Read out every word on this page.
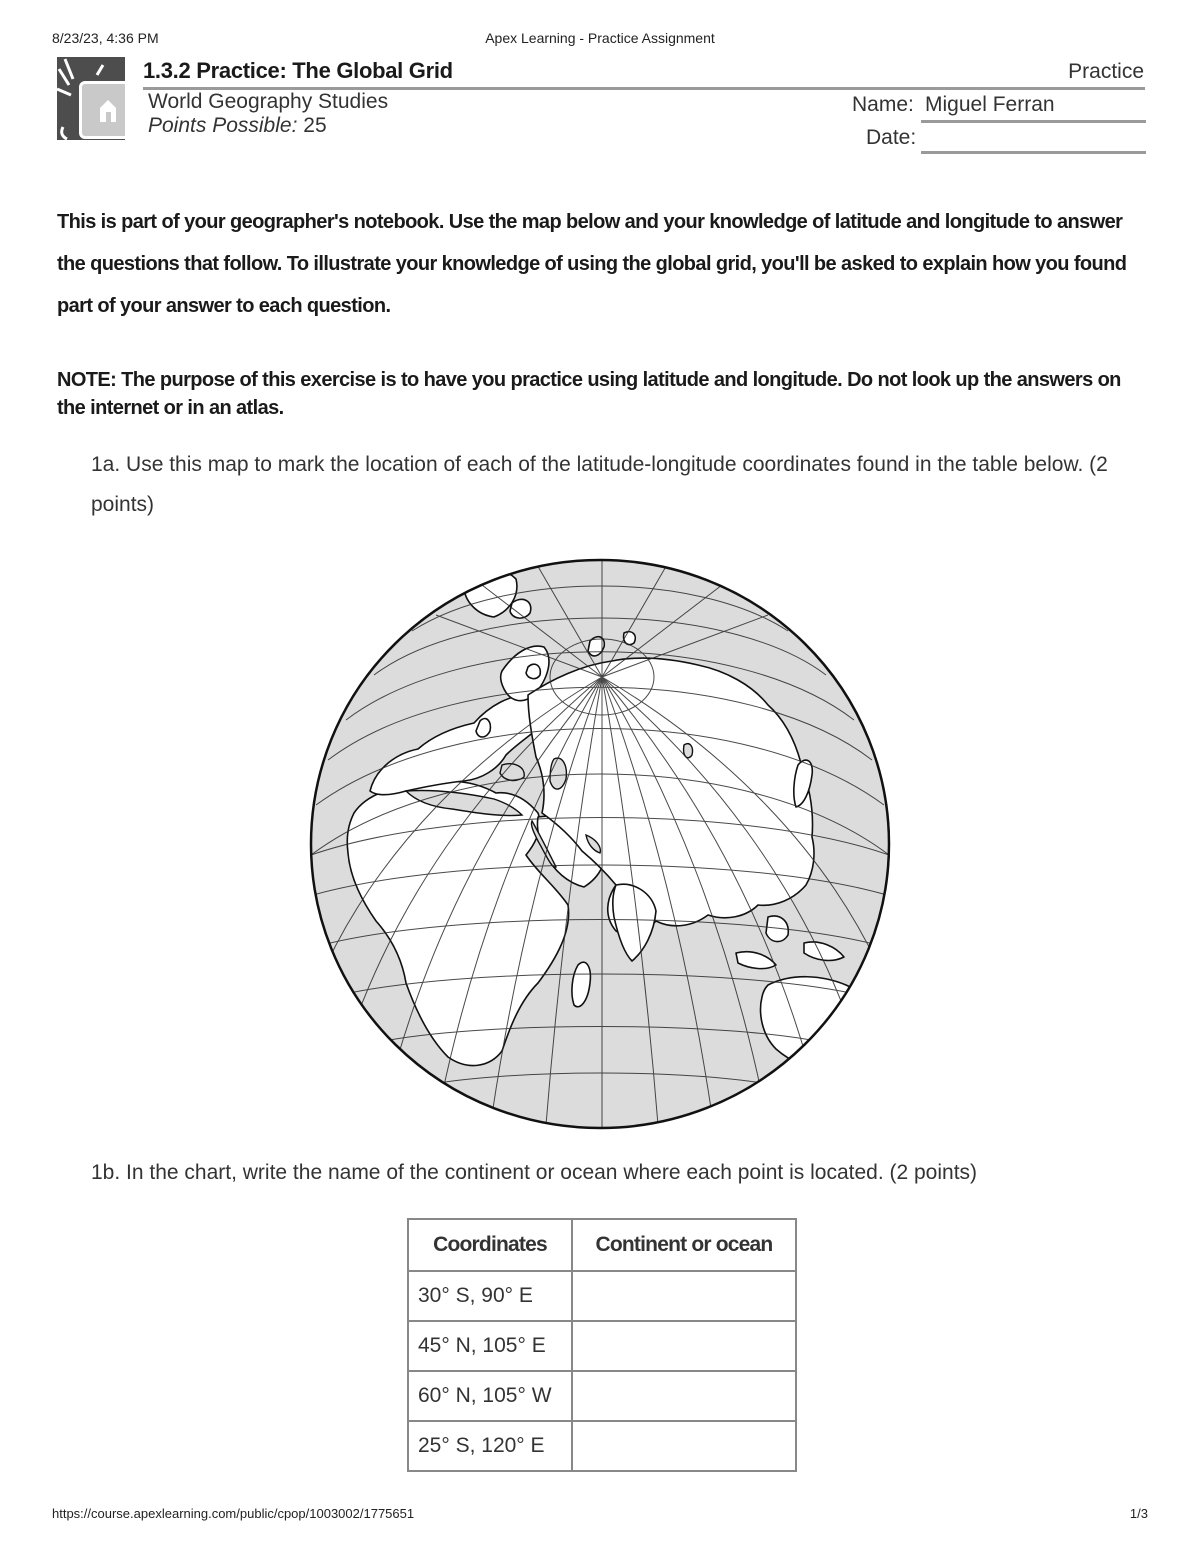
8/23/23, 4:36 PM	Apex Learning - Practice Assignment
1.3.2 Practice: The Global Grid	Practice
World Geography Studies
Points Possible: 25
Name: Miguel Ferran
Date:

This is part of your geographer's notebook. Use the map below and your knowledge of latitude and longitude to answer the questions that follow. To illustrate your knowledge of using the global grid, you'll be asked to explain how you found part of your answer to each question.

NOTE: The purpose of this exercise is to have you practice using latitude and longitude. Do not look up the answers on the internet or in an atlas.

1a. Use this map to mark the location of each of the latitude-longitude coordinates found in the table below. (2 points)

1b. In the chart, write the name of the continent or ocean where each point is located. (2 points)

Coordinates	Continent or ocean
30° S, 90° E	
45° N, 105° E	
60° N, 105° W	
25° S, 120° E	
https://course.apexlearning.com/public/cpop/1003002/1775651	1/3
